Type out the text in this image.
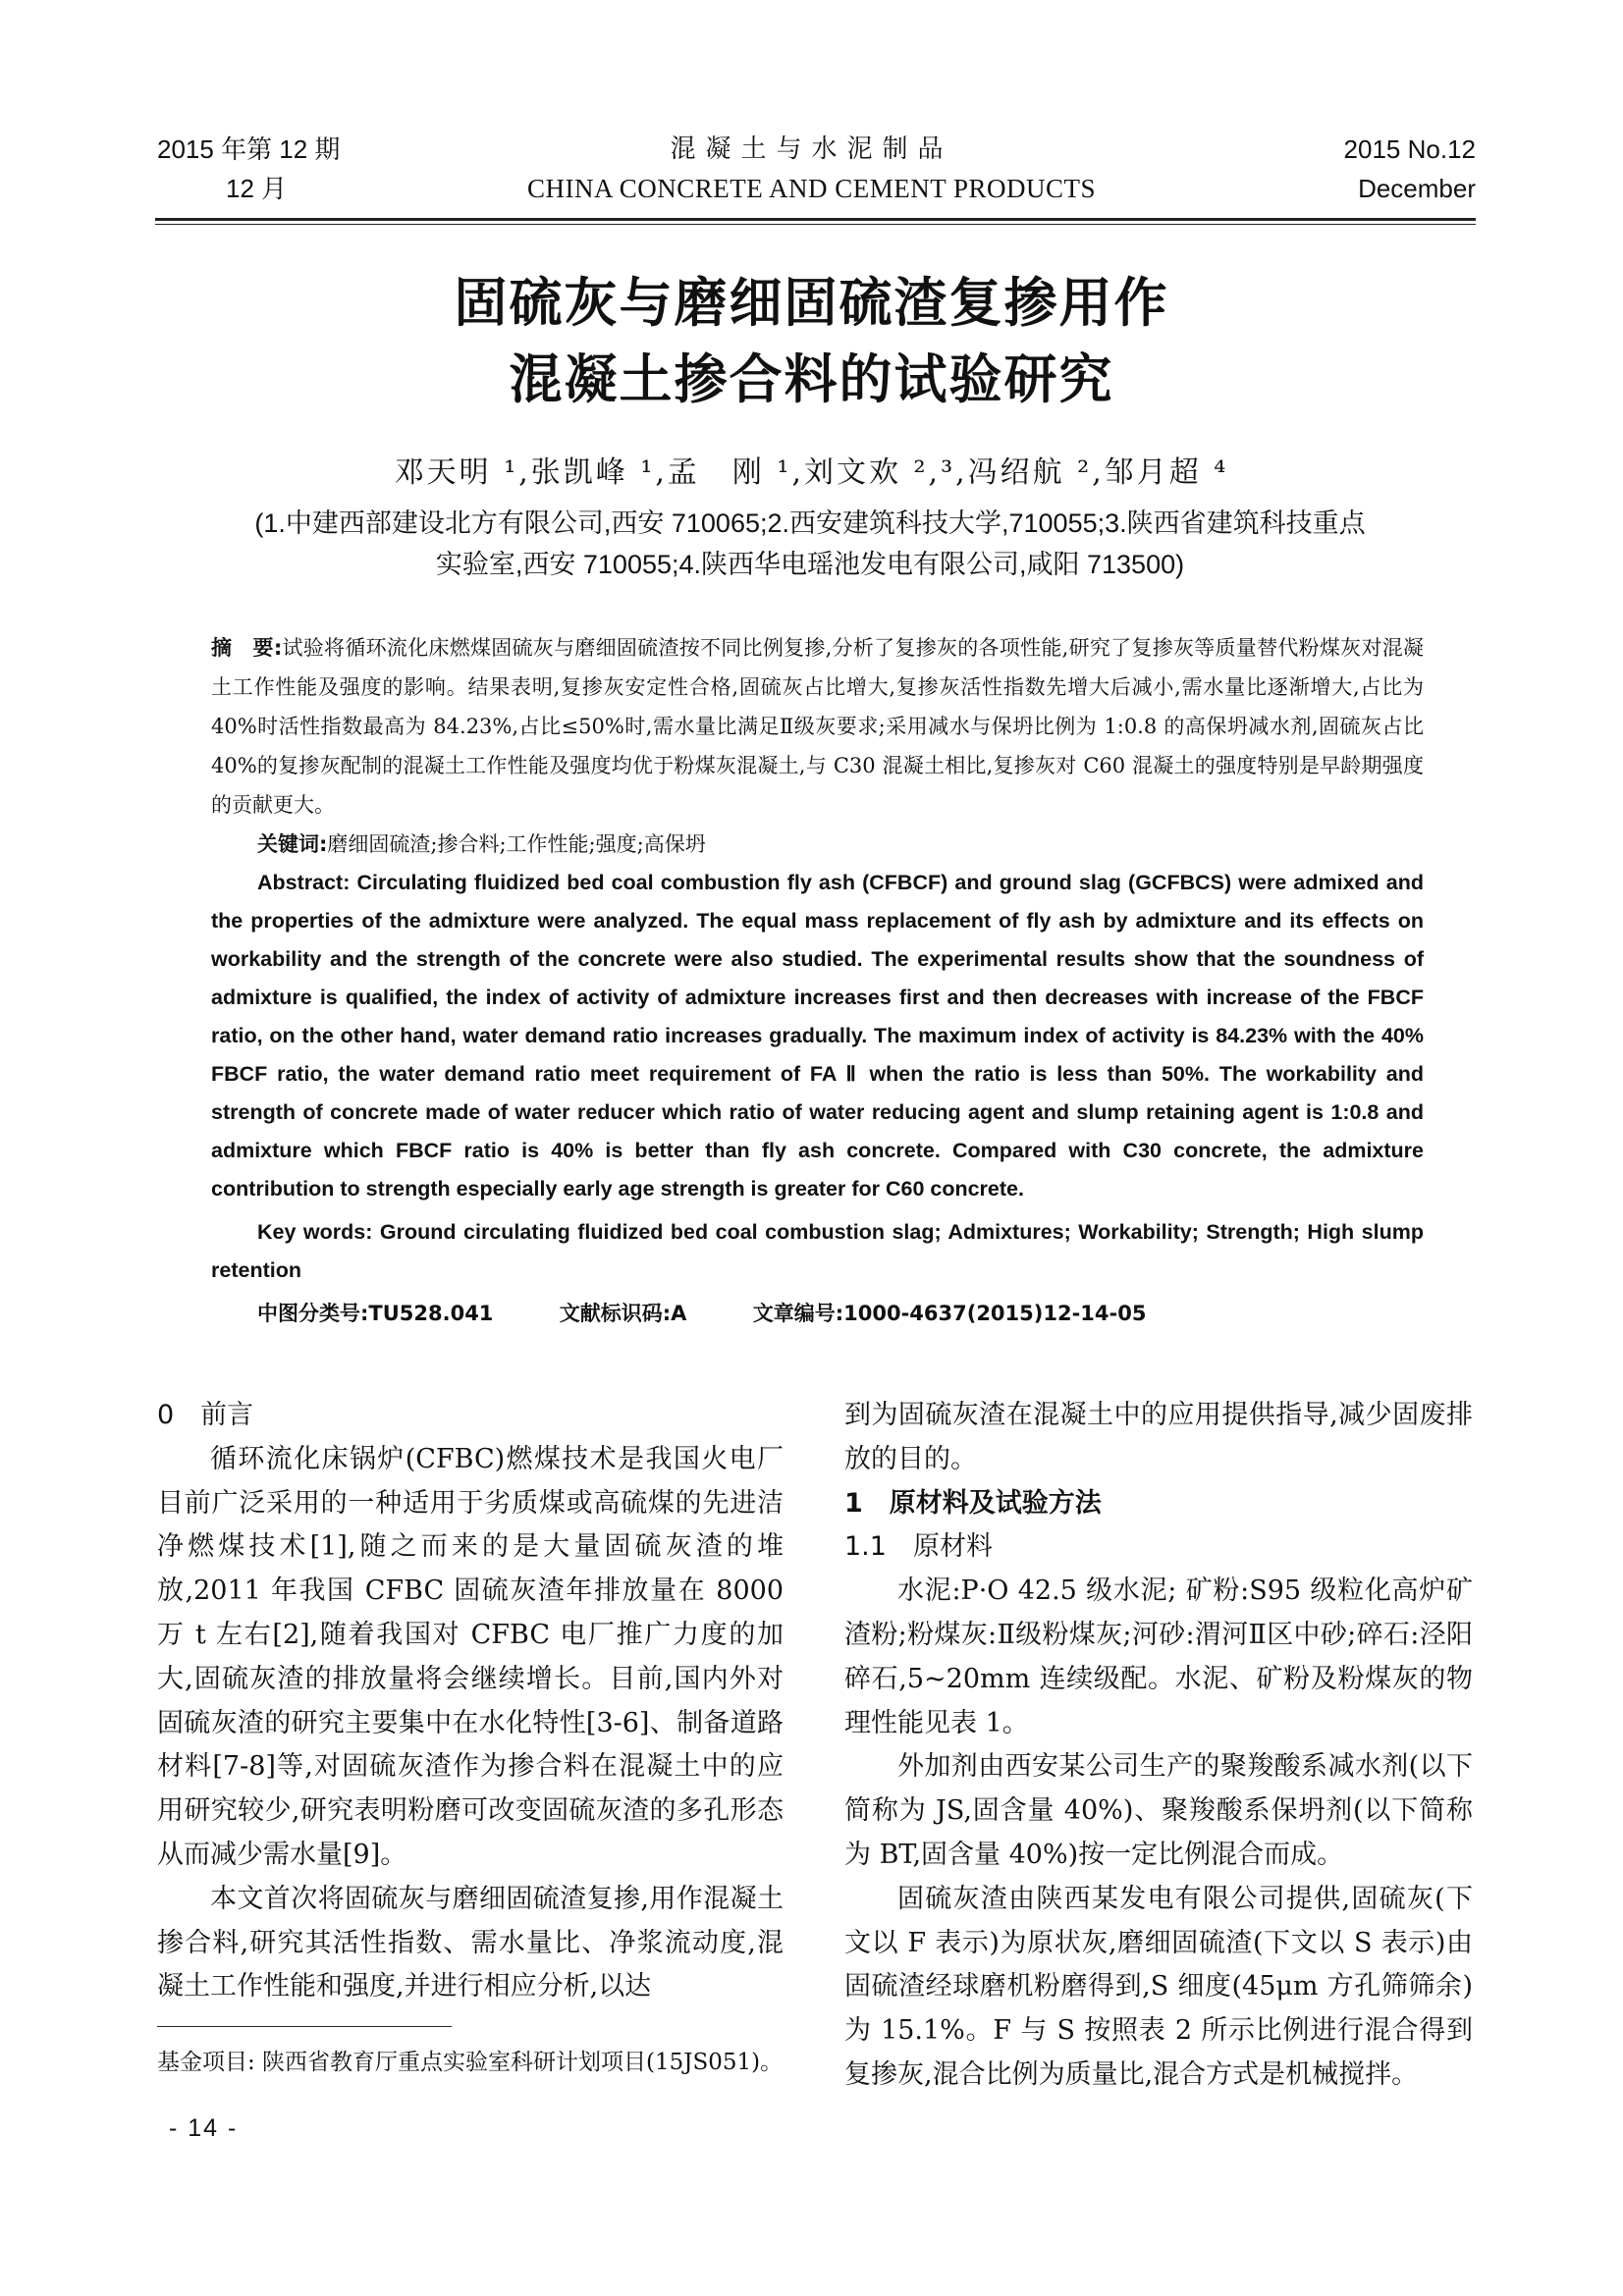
2015 年第 12 期
12 月
混凝土与水泥制品
CHINA CONCRETE AND CEMENT PRODUCTS
2015 No.12
December
固硫灰与磨细固硫渣复掺用作
混凝土掺合料的试验研究
邓天明 ¹,张凯峰 ¹,孟　刚 ¹,刘文欢 ²,³,冯绍航 ²,邹月超 ⁴
(1.中建西部建设北方有限公司,西安 710065;2.西安建筑科技大学,710055;3.陕西省建筑科技重点
实验室,西安 710055;4.陕西华电瑶池发电有限公司,咸阳 713500)
摘　要:试验将循环流化床燃煤固硫灰与磨细固硫渣按不同比例复掺,分析了复掺灰的各项性能,研究了复掺灰等质量替代粉煤灰对混凝土工作性能及强度的影响。结果表明,复掺灰安定性合格,固硫灰占比增大,复掺灰活性指数先增大后减小,需水量比逐渐增大,占比为 40%时活性指数最高为 84.23%,占比≤50%时,需水量比满足Ⅱ级灰要求;采用减水与保坍比例为 1:0.8 的高保坍减水剂,固硫灰占比 40%的复掺灰配制的混凝土工作性能及强度均优于粉煤灰混凝土,与 C30 混凝土相比,复掺灰对 C60 混凝土的强度特别是早龄期强度的贡献更大。
关键词:磨细固硫渣;掺合料;工作性能;强度;高保坍
Abstract: Circulating fluidized bed coal combustion fly ash (CFBCF) and ground slag (GCFBCS) were admixed and the properties of the admixture were analyzed. The equal mass replacement of fly ash by admixture and its effects on workability and the strength of the concrete were also studied. The experimental results show that the soundness of admixture is qualified, the index of activity of admixture increases first and then decreases with increase of the FBCF ratio, on the other hand, water demand ratio increases gradually. The maximum index of activity is 84.23% with the 40% FBCF ratio, the water demand ratio meet requirement of FA Ⅱ when the ratio is less than 50%. The workability and strength of concrete made of water reducer which ratio of water reducing agent and slump retaining agent is 1:0.8 and admixture which FBCF ratio is 40% is better than fly ash concrete. Compared with C30 concrete, the admixture contribution to strength especially early age strength is greater for C60 concrete.
Key words: Ground circulating fluidized bed coal combustion slag; Admixtures; Workability; Strength; High slump retention
中图分类号:TU528.041	文献标识码:A	文章编号:1000-4637(2015)12-14-05

0　前言

循环流化床锅炉(CFBC)燃煤技术是我国火电厂目前广泛采用的一种适用于劣质煤或高硫煤的先进洁净燃煤技术[1],随之而来的是大量固硫灰渣的堆放,2011 年我国 CFBC 固硫灰渣年排放量在 8000 万 t 左右[2],随着我国对 CFBC 电厂推广力度的加大,固硫灰渣的排放量将会继续增长。目前,国内外对固硫灰渣的研究主要集中在水化特性[3-6]、制备道路材料[7-8]等,对固硫灰渣作为掺合料在混凝土中的应用研究较少,研究表明粉磨可改变固硫灰渣的多孔形态从而减少需水量[9]。

本文首次将固硫灰与磨细固硫渣复掺,用作混凝土掺合料,研究其活性指数、需水量比、净浆流动度,混凝土工作性能和强度,并进行相应分析,以达

到为固硫灰渣在混凝土中的应用提供指导,减少固废排放的目的。

1　原材料及试验方法

1.1　原材料

水泥:P·O 42.5 级水泥; 矿粉:S95 级粒化高炉矿渣粉;粉煤灰:Ⅱ级粉煤灰;河砂:渭河Ⅱ区中砂;碎石:泾阳碎石,5~20mm 连续级配。水泥、矿粉及粉煤灰的物理性能见表 1。

外加剂由西安某公司生产的聚羧酸系减水剂(以下简称为 JS,固含量 40%)、聚羧酸系保坍剂(以下简称为 BT,固含量 40%)按一定比例混合而成。

固硫灰渣由陕西某发电有限公司提供,固硫灰(下文以 F 表示)为原状灰,磨细固硫渣(下文以 S 表示)由固硫渣经球磨机粉磨得到,S 细度(45μm 方孔筛筛余)为 15.1%。F 与 S 按照表 2 所示比例进行混合得到复掺灰,混合比例为质量比,混合方式是机械搅拌。

基金项目: 陕西省教育厅重点实验室科研计划项目(15JS051)。
- 14 -
